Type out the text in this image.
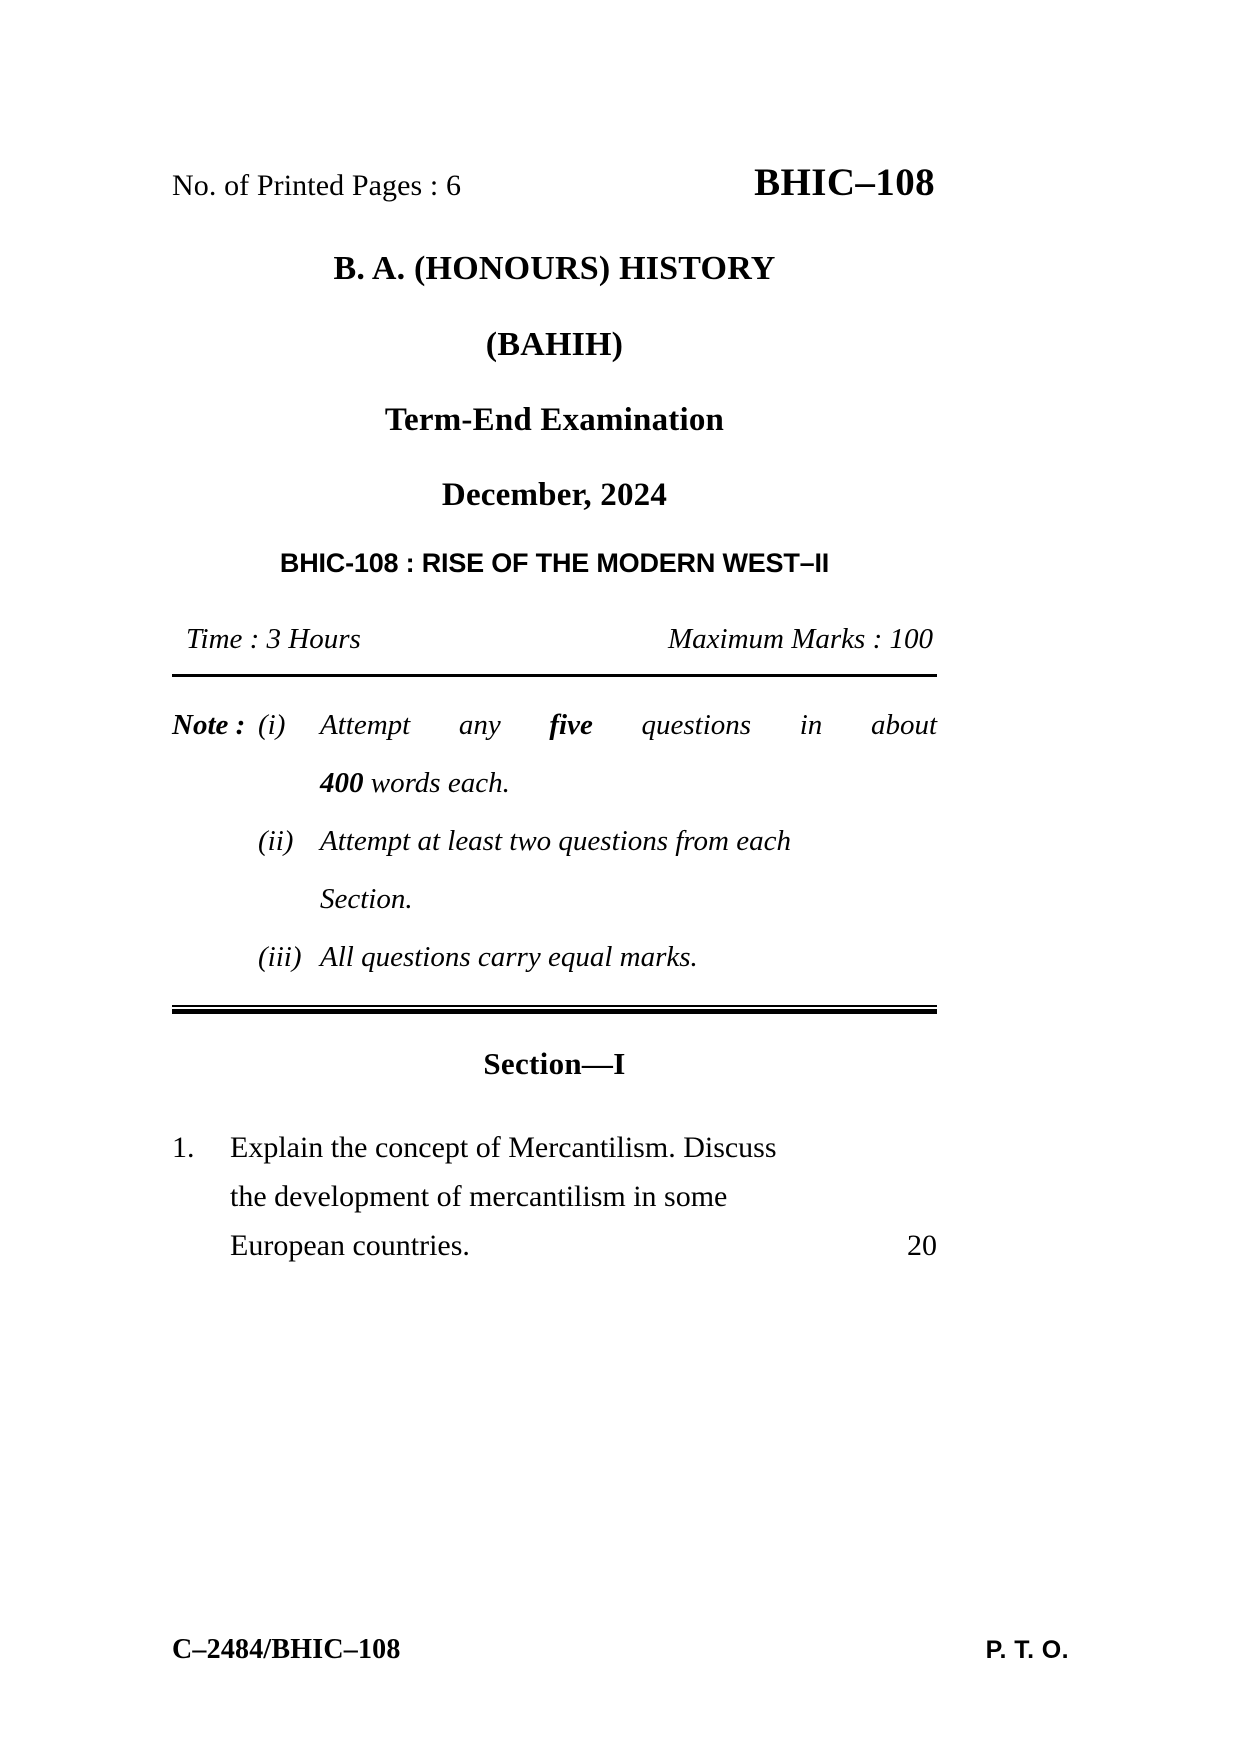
No. of Printed Pages : 6	BHIC–108
B. A. (HONOURS) HISTORY
(BAHIH)
Term-End Examination
December, 2024
BHIC-108 : RISE OF THE MODERN WEST–II
Time : 3 Hours	Maximum Marks : 100
Note : (i)	Attempt any five questions in about
400 words each.
(ii) Attempt at least two questions from each
Section.
(iii) All questions carry equal marks.
Section—I
1.	Explain the concept of Mercantilism. Discuss
the development of mercantilism in some
European countries.	20
C–2484/BHIC–108	P. T. O.
